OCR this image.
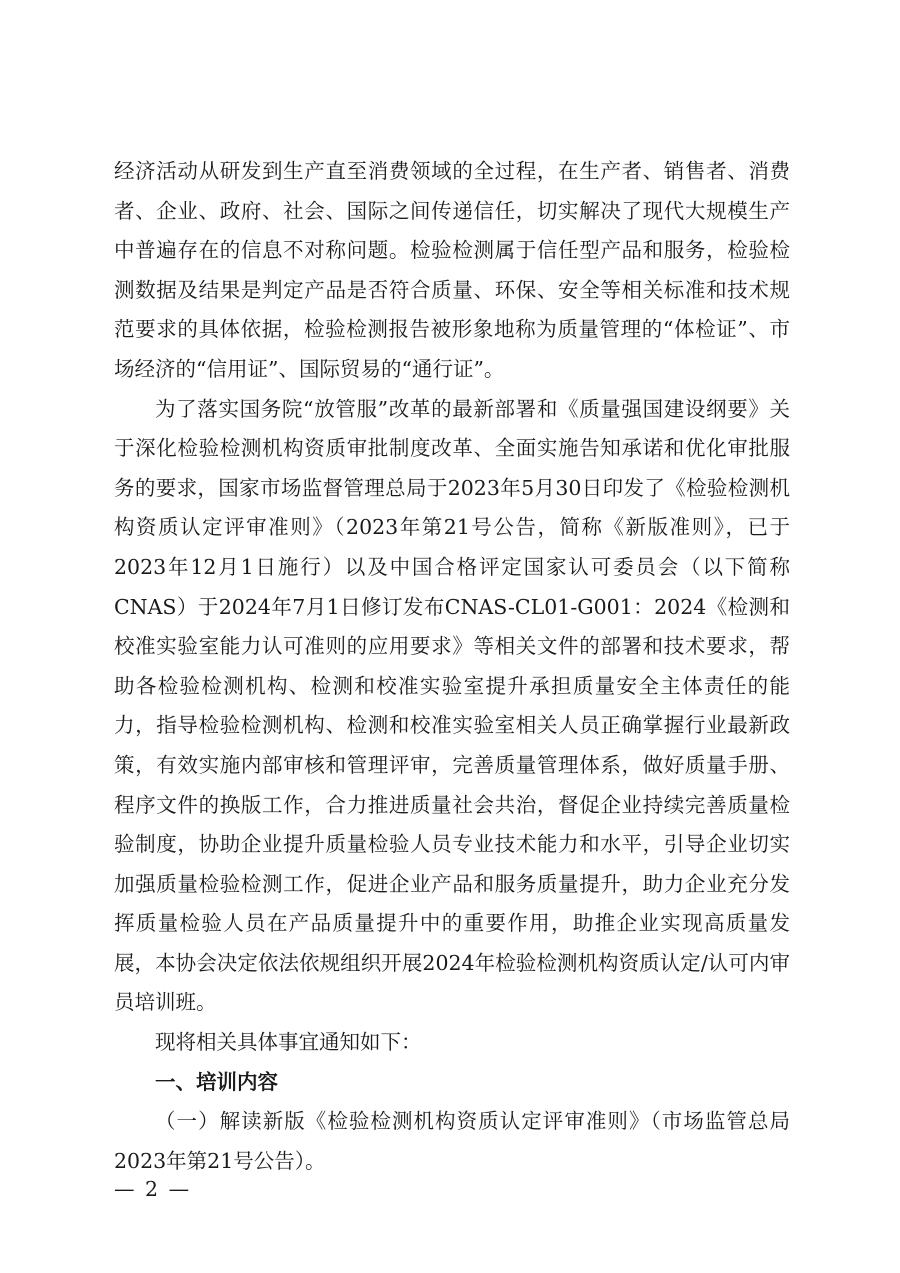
经济活动从研发到生产直至消费领域的全过程，在生产者、销售者、消费者、企业、政府、社会、国际之间传递信任，切实解决了现代大规模生产中普遍存在的信息不对称问题。检验检测属于信任型产品和服务，检验检测数据及结果是判定产品是否符合质量、环保、安全等相关标准和技术规范要求的具体依据，检验检测报告被形象地称为质量管理的“体检证”、市场经济的“信用证”、国际贸易的“通行证”。

为了落实国务院“放管服”改革的最新部署和《质量强国建设纲要》关于深化检验检测机构资质审批制度改革、全面实施告知承诺和优化审批服务的要求，国家市场监督管理总局于2023年5月30日印发了《检验检测机构资质认定评审准则》（2023年第21号公告，简称《新版准则》，已于2023年12月1日施行）以及中国合格评定国家认可委员会（以下简称CNAS）于2024年7月1日修订发布CNAS-CL01-G001：2024《检测和校准实验室能力认可准则的应用要求》等相关文件的部署和技术要求，帮助各检验检测机构、检测和校准实验室提升承担质量安全主体责任的能力，指导检验检测机构、检测和校准实验室相关人员正确掌握行业最新政策，有效实施内部审核和管理评审，完善质量管理体系，做好质量手册、程序文件的换版工作，合力推进质量社会共治，督促企业持续完善质量检验制度，协助企业提升质量检验人员专业技术能力和水平，引导企业切实加强质量检验检测工作，促进企业产品和服务质量提升，助力企业充分发挥质量检验人员在产品质量提升中的重要作用，助推企业实现高质量发展，本协会决定依法依规组织开展2024年检验检测机构资质认定/认可内审员培训班。

现将相关具体事宜通知如下：

一、培训内容

（一）解读新版《检验检测机构资质认定评审准则》（市场监管总局2023年第21号公告）。

— 2 —
